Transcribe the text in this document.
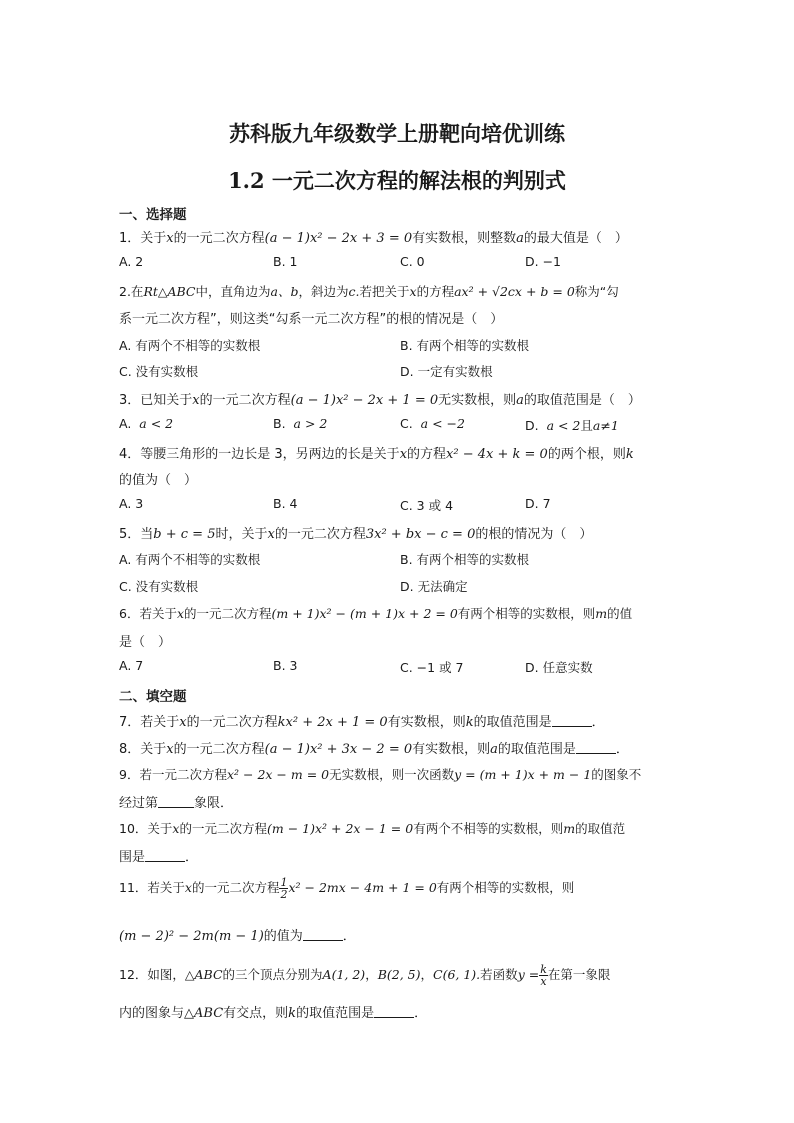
苏科版九年级数学上册靶向培优训练
1.2 一元二次方程的解法根的判别式
一、选择题
1．关于x的一元二次方程(a − 1)x² − 2x + 3 = 0有实数根，则整数a的最大值是（　）
A. 2	B. 1	C. 0	D. −1
2.在Rt△ABC中，直角边为a、b，斜边为c.若把关于x的方程ax² + √2cx + b = 0称为“勾
系一元二次方程”，则这类“勾系一元二次方程”的根的情况是（　）
A. 有两个不相等的实数根	B. 有两个相等的实数根
C. 没有实数根	D. 一定有实数根
3．已知关于x的一元二次方程(a − 1)x² − 2x + 1 = 0无实数根，则a的取值范围是（　）
A. a < 2	B. a > 2	C. a < −2	D. a < 2且a≠1
4．等腰三角形的一边长是 3，另两边的长是关于x的方程x² − 4x + k = 0的两个根，则k
的值为（　）
A. 3	B. 4	C. 3 或 4	D. 7
5．当b + c = 5时，关于x的一元二次方程3x² + bx − c = 0的根的情况为（　）
A. 有两个不相等的实数根	B. 有两个相等的实数根
C. 没有实数根	D. 无法确定
6．若关于x的一元二次方程(m + 1)x² − (m + 1)x + 2 = 0有两个相等的实数根，则m的值
是（　）
A. 7	B. 3	C. −1 或 7	D. 任意实数
二、填空题
7．若关于x的一元二次方程kx² + 2x + 1 = 0有实数根，则k的取值范围是	．
8．关于x的一元二次方程(a − 1)x² + 3x − 2 = 0有实数根，则a的取值范围是	．
9．若一元二次方程x² − 2x − m = 0无实数根，则一次函数y = (m + 1)x + m − 1的图象不
经过第	象限．
10．关于x的一元二次方程(m − 1)x² + 2x − 1 = 0有两个不相等的实数根，则m的取值范
围是	．
11．若关于x的一元二次方程 $\frac{1}{2} x^2 - 2mx - 4m + 1 = 0$有两个相等的实数根，则
(m − 2)² − 2m(m − 1)的值为	．
12．如图，△ABC的三个顶点分别为A(1, 2)，B(2, 5)，C(6, 1).若函数$y = \frac{k}{x}$ 在第一象限
内的图象与△ABC有交点，则k的取值范围是	．
